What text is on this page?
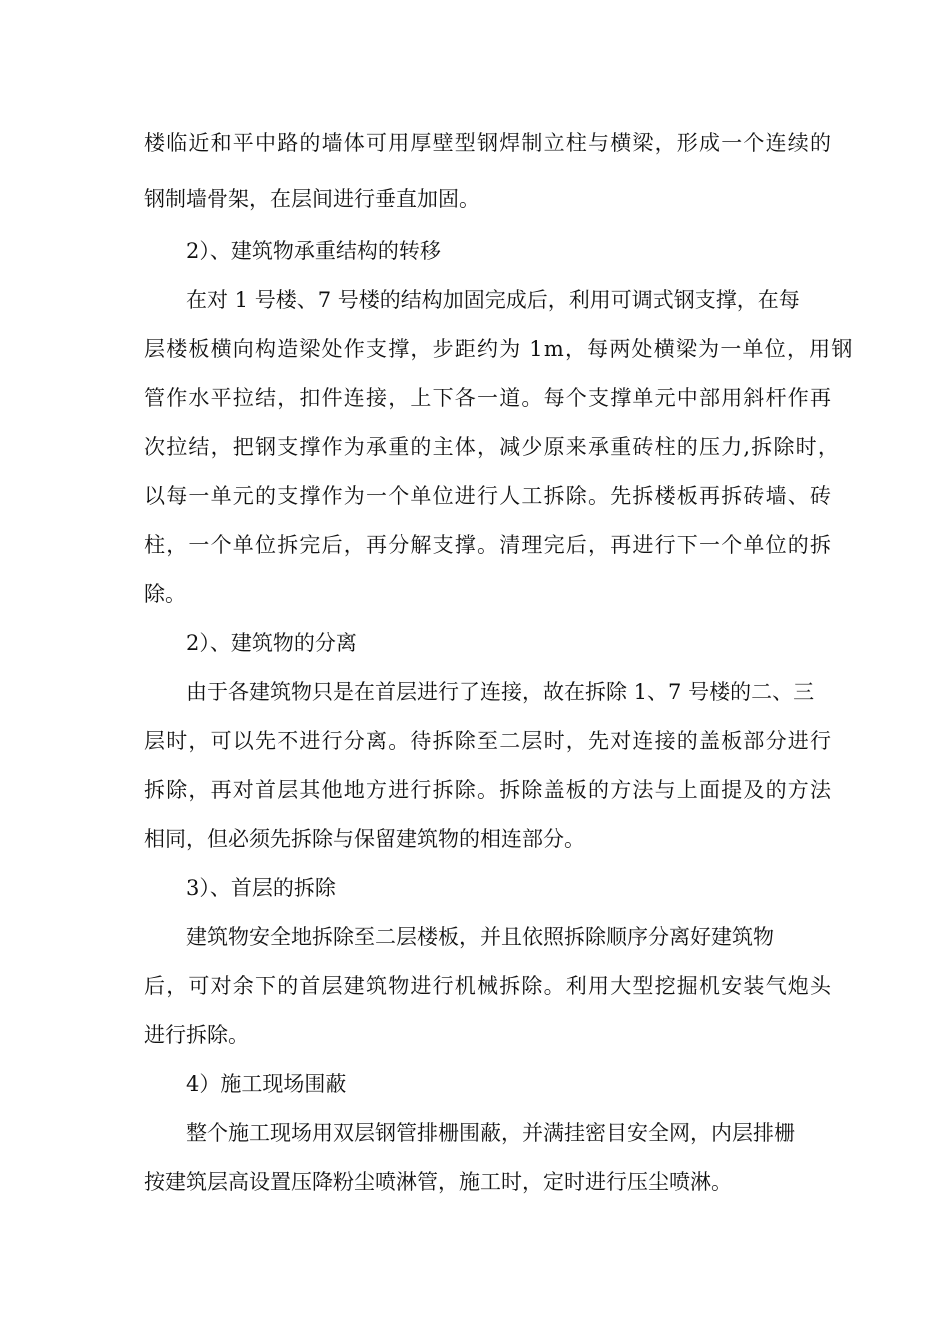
楼临近和平中路的墙体可用厚壁型钢焊制立柱与横梁，形成一个连续的
钢制墙骨架，在层间进行垂直加固。
2）、建筑物承重结构的转移
在对 1 号楼、7 号楼的结构加固完成后，利用可调式钢支撑，在每
层楼板横向构造梁处作支撑，步距约为 1m，每两处横梁为一单位，用钢
管作水平拉结，扣件连接，上下各一道。每个支撑单元中部用斜杆作再
次拉结，把钢支撑作为承重的主体，减少原来承重砖柱的压力,拆除时，
以每一单元的支撑作为一个单位进行人工拆除。先拆楼板再拆砖墙、砖
柱，一个单位拆完后，再分解支撑。清理完后，再进行下一个单位的拆
除。
2）、建筑物的分离
由于各建筑物只是在首层进行了连接，故在拆除 1、7 号楼的二、三
层时，可以先不进行分离。待拆除至二层时，先对连接的盖板部分进行
拆除，再对首层其他地方进行拆除。拆除盖板的方法与上面提及的方法
相同，但必须先拆除与保留建筑物的相连部分。
3）、首层的拆除
建筑物安全地拆除至二层楼板，并且依照拆除顺序分离好建筑物
后，可对余下的首层建筑物进行机械拆除。利用大型挖掘机安装气炮头
进行拆除。
4）施工现场围蔽
整个施工现场用双层钢管排栅围蔽，并满挂密目安全网，内层排栅
按建筑层高设置压降粉尘喷淋管，施工时，定时进行压尘喷淋。
